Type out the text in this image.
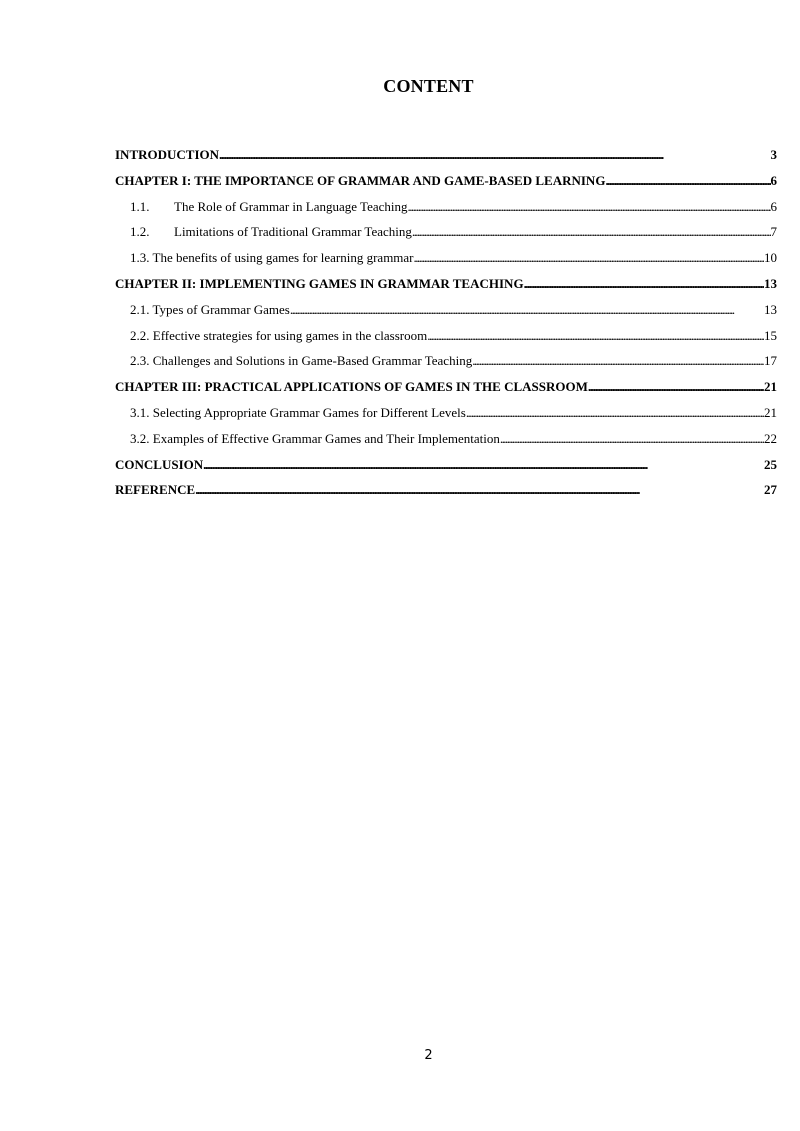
CONTENT
INTRODUCTION . . .	3
CHAPTER I: THE IMPORTANCE OF GRAMMAR AND GAME-BASED LEARNING . . .	6
1.1.	The Role of Grammar in Language Teaching . . .	6
1.2.	Limitations of Traditional Grammar Teaching . . .	7
1.3. The benefits of using games for learning grammar . . .	10
CHAPTER II: IMPLEMENTING GAMES IN GRAMMAR TEACHING . . .	13
2.1. Types of Grammar Games . . .	13
2.2. Effective strategies for using games in the classroom . . .	15
2.3. Challenges and Solutions in Game-Based Grammar Teaching . . .	17
CHAPTER III: PRACTICAL APPLICATIONS OF GAMES IN THE CLASSROOM . . .	21
3.1. Selecting Appropriate Grammar Games for Different Levels . . .	21
3.2. Examples of Effective Grammar Games and Their Implementation . . .	22
CONCLUSION . . .	25
REFERENCE . . .	27
2
